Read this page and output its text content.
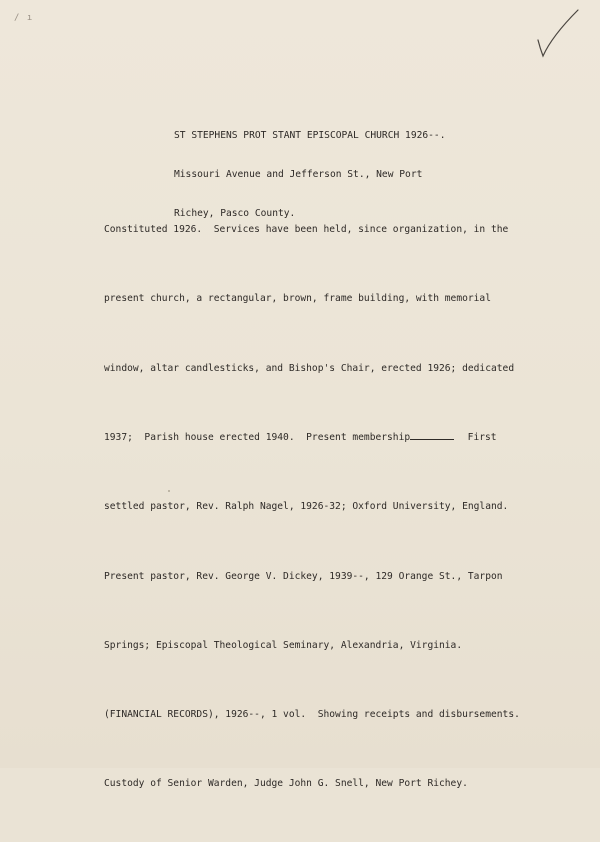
/ ı

ST STEPHENS PROT STANT EPISCOPAL CHURCH 1926--.

Missouri Avenue and Jefferson St., New Port

Richey, Pasco County.

Constituted 1926.  Services have been held, since organization, in the

present church, a rectangular, brown, frame building, with memorial

window, altar candlesticks, and Bishop's Chair, erected 1926; dedicated

1937;  Parish house erected 1940.  Present membership	First

settled pastor, Rev. Ralph Nagel, 1926-32; Oxford University, England.

Present pastor, Rev. George V. Dickey, 1939--, 129 Orange St., Tarpon

Springs; Episcopal Theological Seminary, Alexandria, Virginia.

(FINANCIAL RECORDS), 1926--, 1 vol.  Showing receipts and disbursements.

Custody of Senior Warden, Judge John G. Snell, New Port Richey.
